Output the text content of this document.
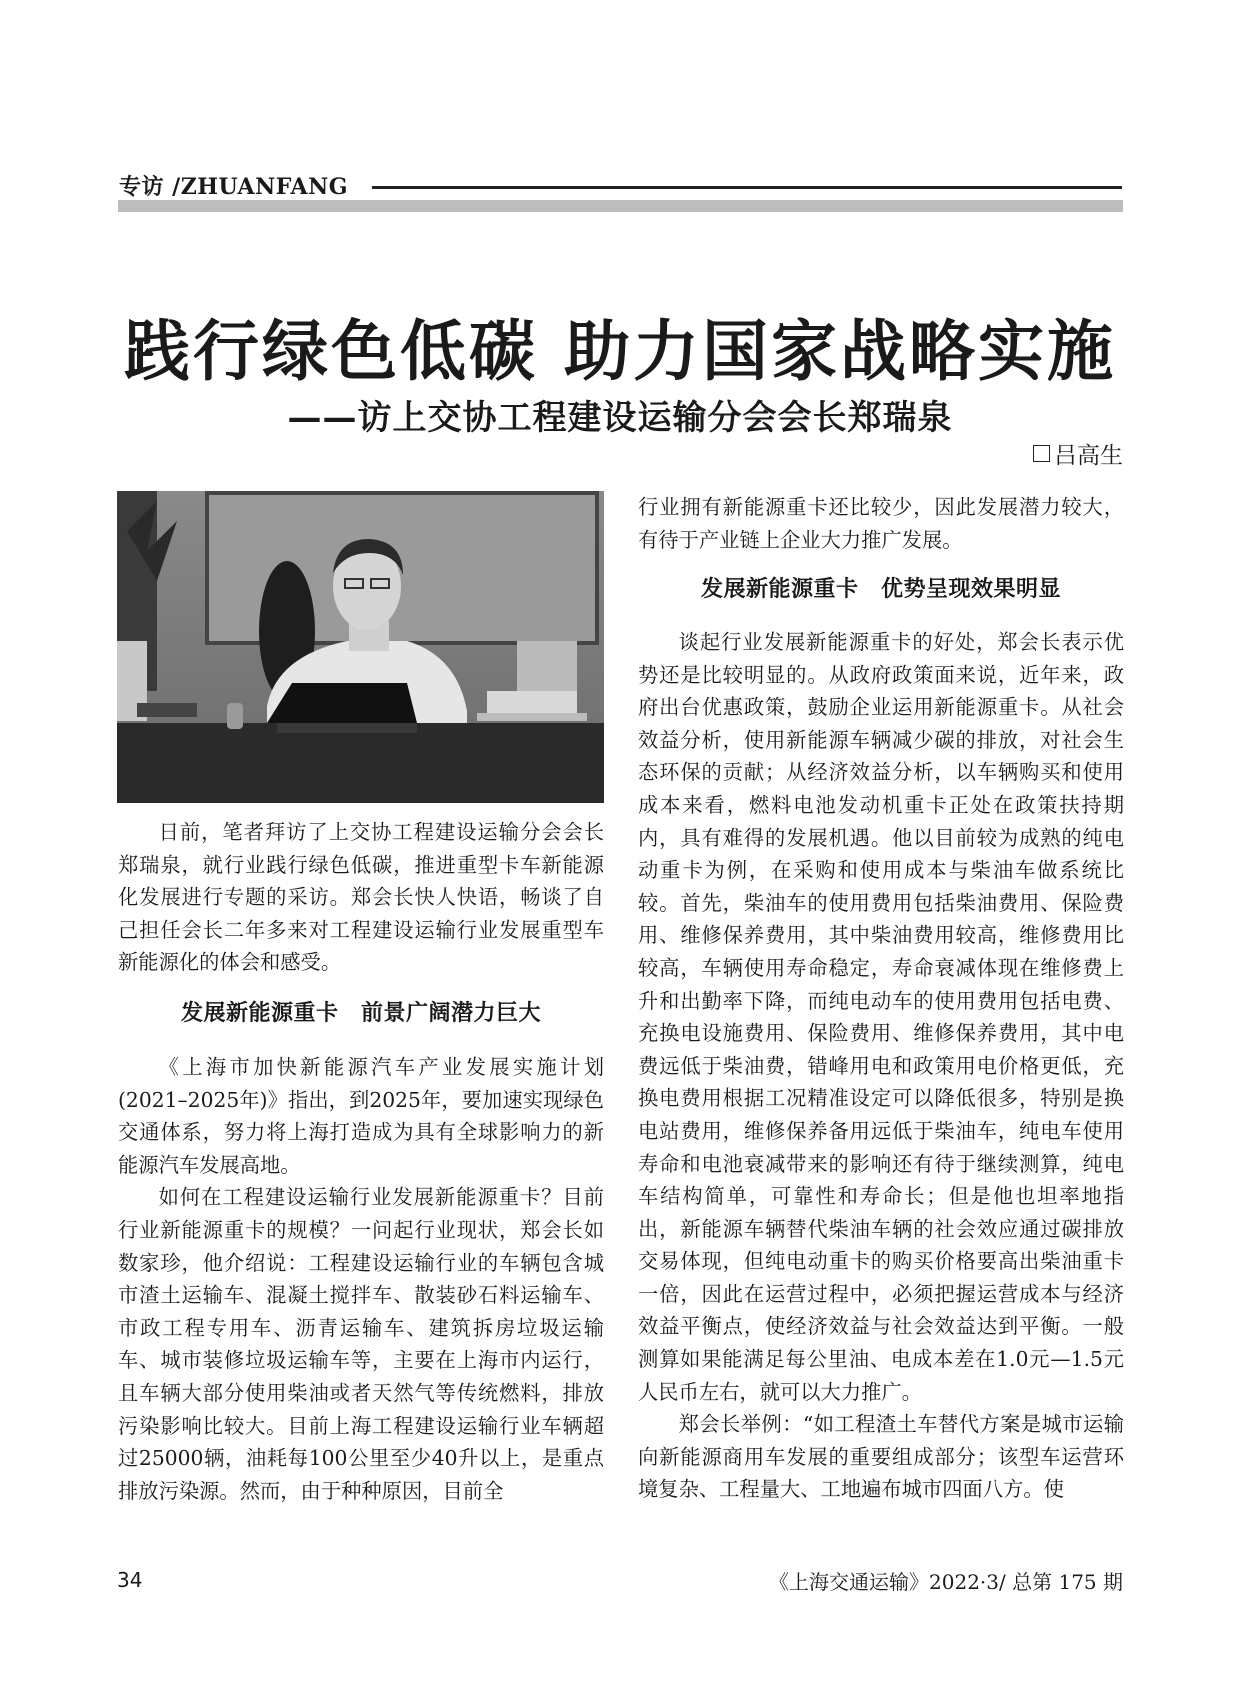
专访 /ZHUANFANG
践行绿色低碳 助力国家战略实施
——访上交协工程建设运输分会会长郑瑞泉
吕高生

日前，笔者拜访了上交协工程建设运输分会会长郑瑞泉，就行业践行绿色低碳，推进重型卡车新能源化发展进行专题的采访。郑会长快人快语，畅谈了自己担任会长二年多来对工程建设运输行业发展重型车新能源化的体会和感受。

发展新能源重卡　前景广阔潜力巨大

《上海市加快新能源汽车产业发展实施计划(2021–2025年)》指出，到2025年，要加速实现绿色交通体系，努力将上海打造成为具有全球影响力的新能源汽车发展高地。

如何在工程建设运输行业发展新能源重卡？目前行业新能源重卡的规模？一问起行业现状，郑会长如数家珍，他介绍说：工程建设运输行业的车辆包含城市渣土运输车、混凝土搅拌车、散装砂石料运输车、市政工程专用车、沥青运输车、建筑拆房垃圾运输车、城市装修垃圾运输车等，主要在上海市内运行，且车辆大部分使用柴油或者天然气等传统燃料，排放污染影响比较大。目前上海工程建设运输行业车辆超过25000辆，油耗每100公里至少40升以上，是重点排放污染源。然而，由于种种原因，目前全

行业拥有新能源重卡还比较少，因此发展潜力较大，有待于产业链上企业大力推广发展。

发展新能源重卡　优势呈现效果明显

谈起行业发展新能源重卡的好处，郑会长表示优势还是比较明显的。从政府政策面来说，近年来，政府出台优惠政策，鼓励企业运用新能源重卡。从社会效益分析，使用新能源车辆减少碳的排放，对社会生态环保的贡献；从经济效益分析，以车辆购买和使用成本来看，燃料电池发动机重卡正处在政策扶持期内，具有难得的发展机遇。他以目前较为成熟的纯电动重卡为例，在采购和使用成本与柴油车做系统比较。首先，柴油车的使用费用包括柴油费用、保险费用、维修保养费用，其中柴油费用较高，维修费用比较高，车辆使用寿命稳定，寿命衰减体现在维修费上升和出勤率下降，而纯电动车的使用费用包括电费、充换电设施费用、保险费用、维修保养费用，其中电费远低于柴油费，错峰用电和政策用电价格更低，充换电费用根据工况精准设定可以降低很多，特别是换电站费用，维修保养备用远低于柴油车，纯电车使用寿命和电池衰减带来的影响还有待于继续测算，纯电车结构简单，可靠性和寿命长；但是他也坦率地指出，新能源车辆替代柴油车辆的社会效应通过碳排放交易体现，但纯电动重卡的购买价格要高出柴油重卡一倍，因此在运营过程中，必须把握运营成本与经济效益平衡点，使经济效益与社会效益达到平衡。一般测算如果能满足每公里油、电成本差在1.0元—1.5元人民币左右，就可以大力推广。

郑会长举例：“如工程渣土车替代方案是城市运输向新能源商用车发展的重要组成部分；该型车运营环境复杂、工程量大、工地遍布城市四面八方。使

34	《上海交通运输》2022·3/ 总第 175 期
